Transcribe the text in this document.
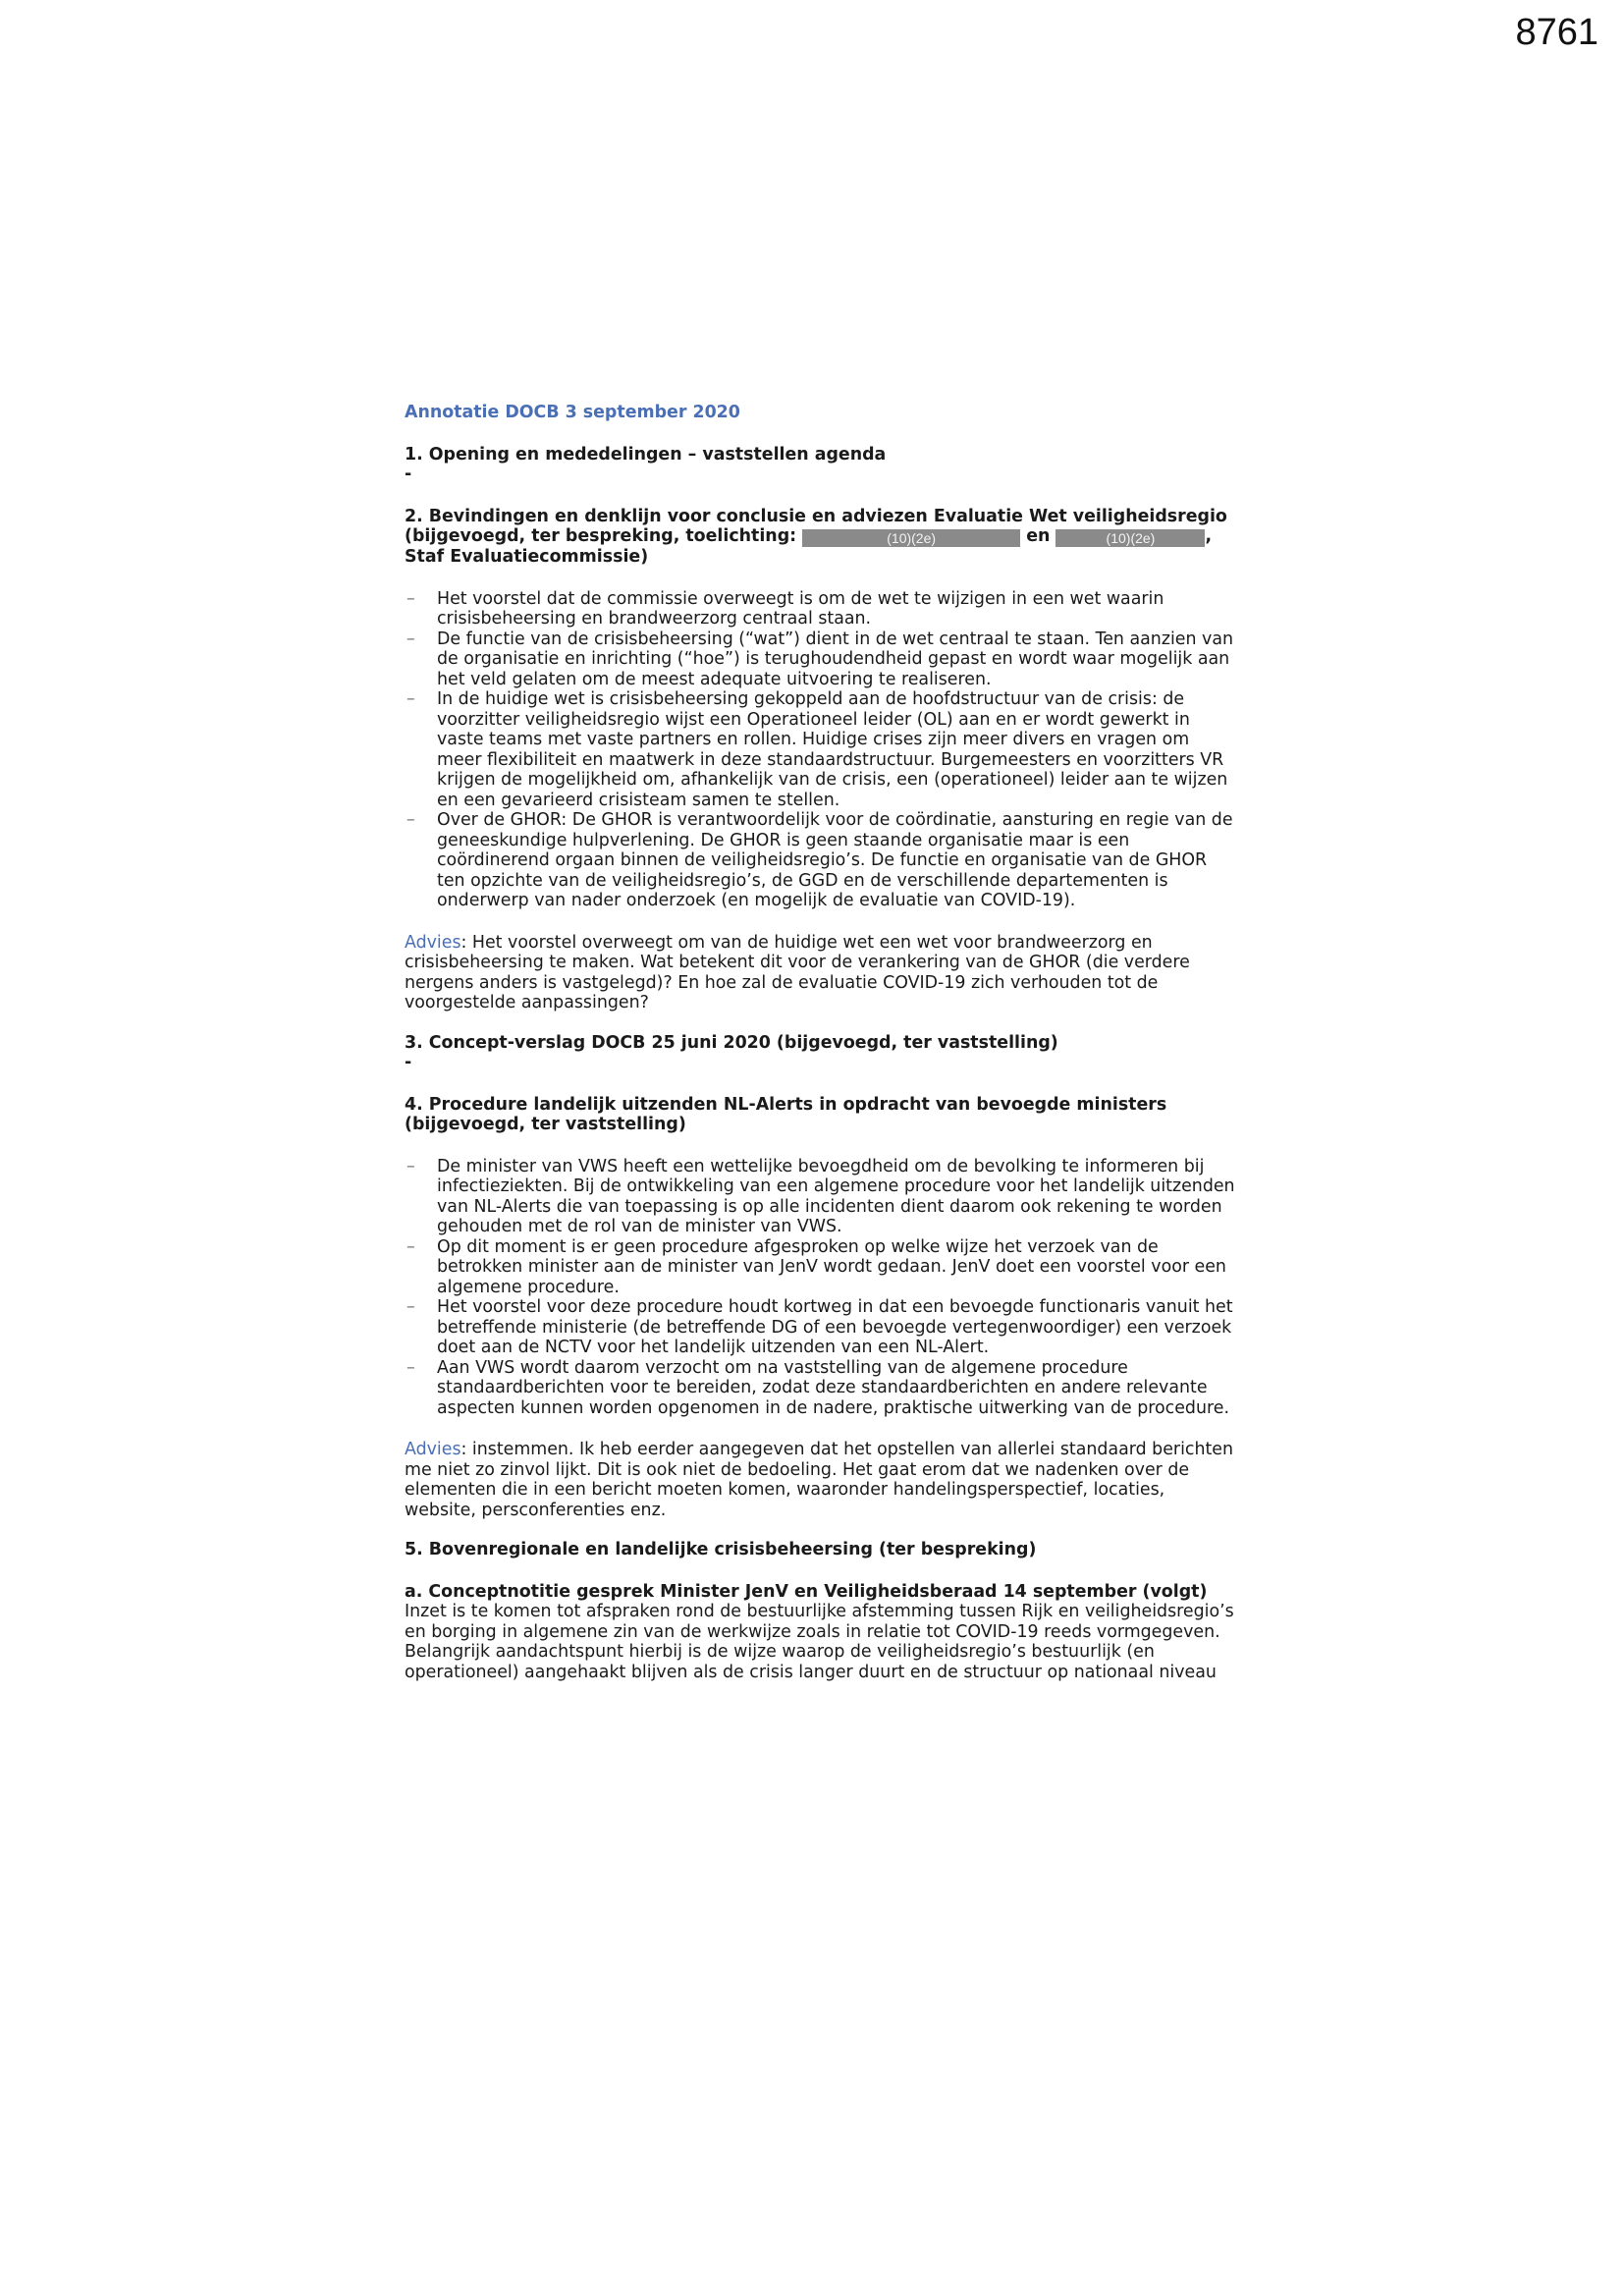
8761

Annotatie DOCB 3 september 2020

1. Opening en mededelingen – vaststellen agenda

-

2. Bevindingen en denklijn voor conclusie en adviezen Evaluatie Wet veiligheidsregio (bijgevoegd, ter bespreking, toelichting:	(10)(2e)	en	(10)(2e)	, Staf Evaluatiecommissie)

– Het voorstel dat de commissie overweegt is om de wet te wijzigen in een wet waarin crisisbeheersing en brandweerzorg centraal staan.
– De functie van de crisisbeheersing (“wat”) dient in de wet centraal te staan. Ten aanzien van de organisatie en inrichting (“hoe”) is terughoudendheid gepast en wordt waar mogelijk aan het veld gelaten om de meest adequate uitvoering te realiseren.
– In de huidige wet is crisisbeheersing gekoppeld aan de hoofdstructuur van de crisis: de voorzitter veiligheidsregio wijst een Operationeel leider (OL) aan en er wordt gewerkt in vaste teams met vaste partners en rollen. Huidige crises zijn meer divers en vragen om meer flexibiliteit en maatwerk in deze standaardstructuur. Burgemeesters en voorzitters VR krijgen de mogelijkheid om, afhankelijk van de crisis, een (operationeel) leider aan te wijzen en een gevarieerd crisisteam samen te stellen.
– Over de GHOR: De GHOR is verantwoordelijk voor de coördinatie, aansturing en regie van de geneeskundige hulpverlening. De GHOR is geen staande organisatie maar is een coördinerend orgaan binnen de veiligheidsregio’s. De functie en organisatie van de GHOR ten opzichte van de veiligheidsregio’s, de GGD en de verschillende departementen is onderwerp van nader onderzoek (en mogelijk de evaluatie van COVID-19).

Advies: Het voorstel overweegt om van de huidige wet een wet voor brandweerzorg en crisisbeheersing te maken. Wat betekent dit voor de verankering van de GHOR (die verdere nergens anders is vastgelegd)? En hoe zal de evaluatie COVID-19 zich verhouden tot de voorgestelde aanpassingen?

3. Concept-verslag DOCB 25 juni 2020 (bijgevoegd, ter vaststelling)

-

4. Procedure landelijk uitzenden NL-Alerts in opdracht van bevoegde ministers (bijgevoegd, ter vaststelling)

– De minister van VWS heeft een wettelijke bevoegdheid om de bevolking te informeren bij infectieziekten. Bij de ontwikkeling van een algemene procedure voor het landelijk uitzenden van NL-Alerts die van toepassing is op alle incidenten dient daarom ook rekening te worden gehouden met de rol van de minister van VWS.
– Op dit moment is er geen procedure afgesproken op welke wijze het verzoek van de betrokken minister aan de minister van JenV wordt gedaan. JenV doet een voorstel voor een algemene procedure.
– Het voorstel voor deze procedure houdt kortweg in dat een bevoegde functionaris vanuit het betreffende ministerie (de betreffende DG of een bevoegde vertegenwoordiger) een verzoek doet aan de NCTV voor het landelijk uitzenden van een NL-Alert.
– Aan VWS wordt daarom verzocht om na vaststelling van de algemene procedure standaardberichten voor te bereiden, zodat deze standaardberichten en andere relevante aspecten kunnen worden opgenomen in de nadere, praktische uitwerking van de procedure.

Advies: instemmen. Ik heb eerder aangegeven dat het opstellen van allerlei standaard berichten me niet zo zinvol lijkt. Dit is ook niet de bedoeling. Het gaat erom dat we nadenken over de elementen die in een bericht moeten komen, waaronder handelingsperspectief, locaties, website, persconferenties enz.

5. Bovenregionale en landelijke crisisbeheersing (ter bespreking)

a. Conceptnotitie gesprek Minister JenV en Veiligheidsberaad 14 september (volgt)

Inzet is te komen tot afspraken rond de bestuurlijke afstemming tussen Rijk en veiligheidsregio’s en borging in algemene zin van de werkwijze zoals in relatie tot COVID-19 reeds vormgegeven. Belangrijk aandachtspunt hierbij is de wijze waarop de veiligheidsregio’s bestuurlijk (en operationeel) aangehaakt blijven als de crisis langer duurt en de structuur op nationaal niveau
